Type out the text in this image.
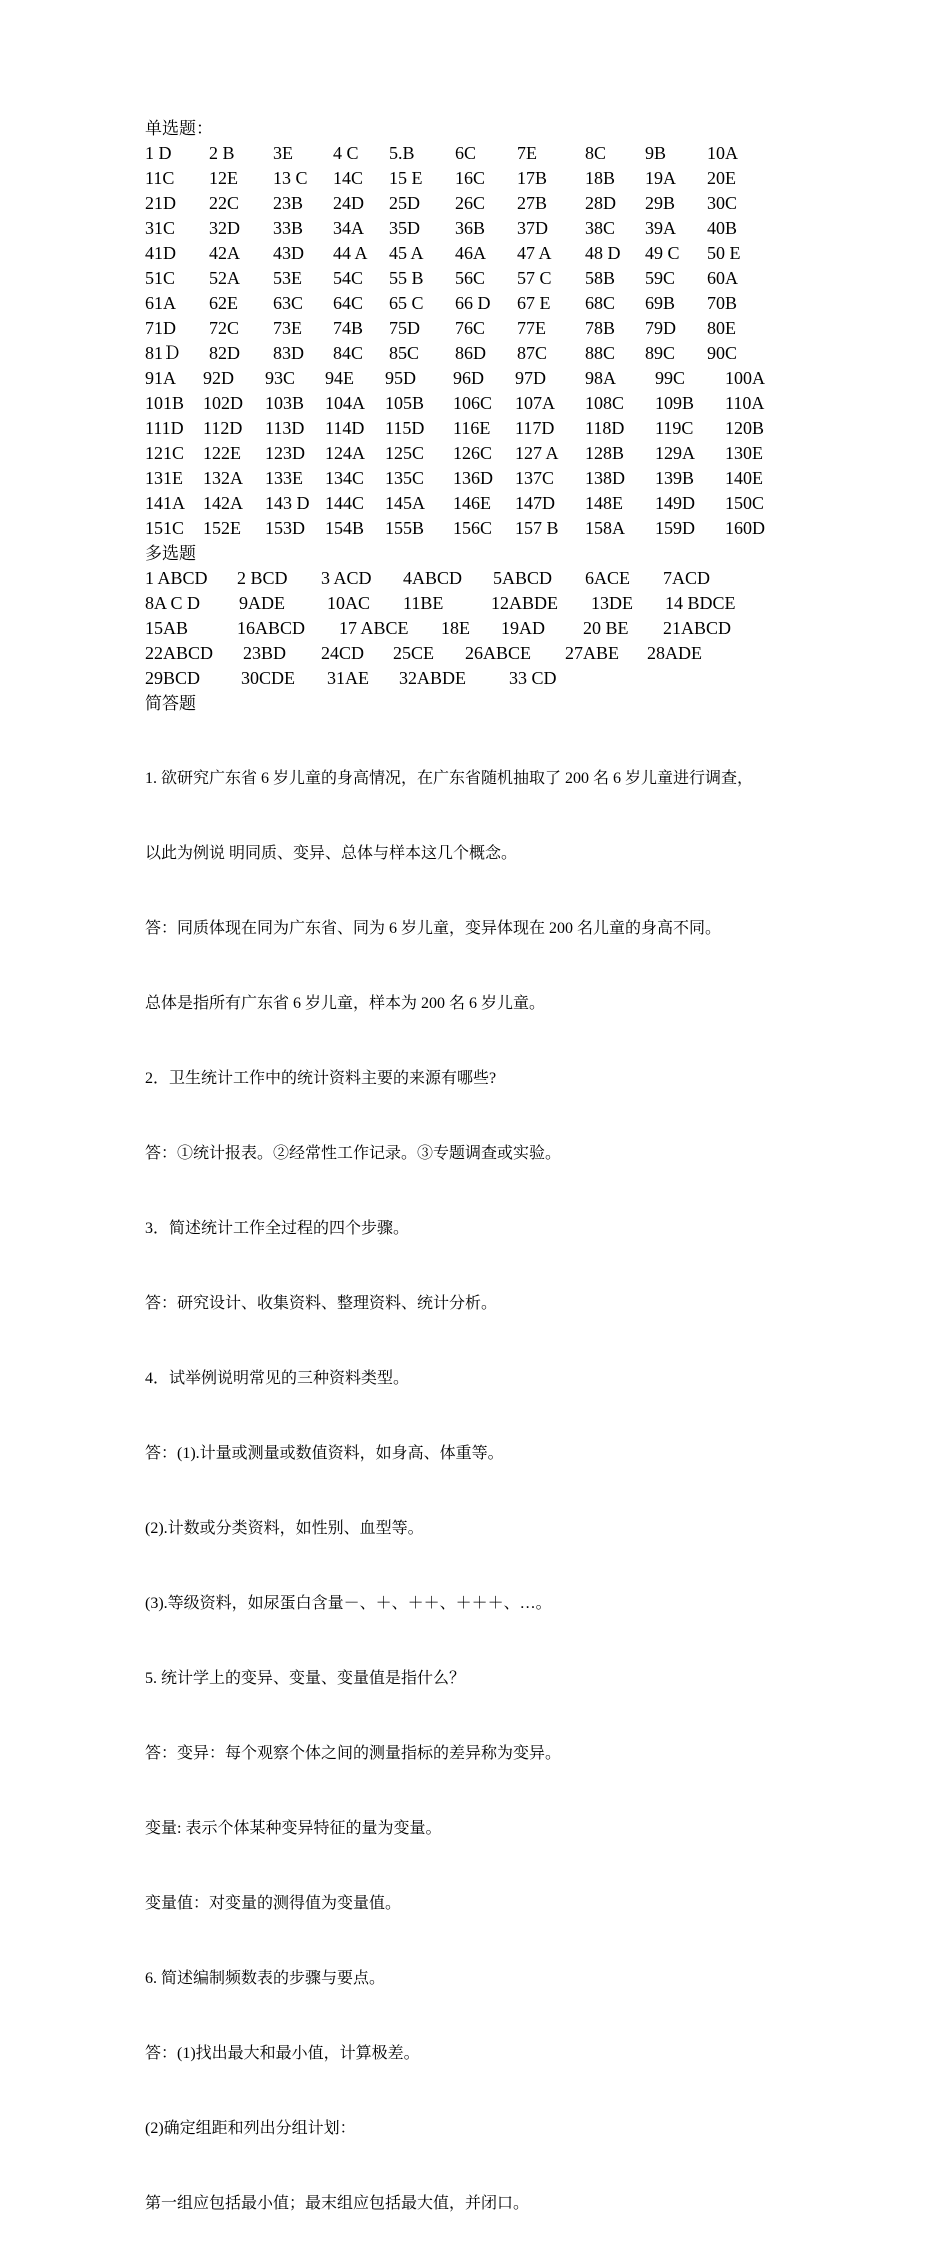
单选题：
1 D 2 B 3E 4 C 5.B 6C 7E	8C 9B 10A
11C 12E 13 C 14C 15 E 16C 17B 18B 19A 20E
21D 22C 23B 24D 25D 26C 27B 28D 29B 30C
31C 32D 33B 34A 35D 36B 37D 38C 39A 40B
41D 42A 43D 44 A 45 A 46A 47 A 48 D 49 C 50 E
51C 52A 53E 54C 55 B 56C 57 C 58B 59C 60A
61A 62E 63C 64C 65 C 66 D 67 E 68C 69B 70B
71D 72C 73E 74B 75D 76C 77E 78B 79D 80E
81Ｄ 82D 83D 84C 85C 86D 87C 88C 89C 90C
91A 92D 93C 94E 95D 96D 97D 98A 99C 100A
101B 102D 103B 104A 105B 106C 107A 108C 109B 110A
111D 112D 113D 114D 115D 116E 117D 118D 119C 120B
121C 122E 123D 124A 125C 126C 127 A 128B 129A 130E
131E 132A 133E 134C 135C 136D 137C 138D 139B 140E
141A 142A 143 D 144C 145A 146E 147D 148E 149D 150C
151C 152E 153D 154B 155B 156C 157 B 158A 159D 160D
多选题
1 ABCD 2 BCD 3 ACD 4ABCD 5ABCD 6ACE 7ACD
8A C D 9ADE 10AC 11BE	12ABDE 13DE 14 BDCE
15AB	16ABCD 17 ABCE 18E 19AD 20 BE 21ABCD
22ABCD 23BD 24CD 25CE 26ABCE 27ABE 28ADE
29BCD 30CDE 31AE 32ABDE 33 CD
简答题

1. 欲研究广东省 6 岁儿童的身高情况，在广东省随机抽取了 200 名 6 岁儿童进行调查，

以此为例说 明同质、变异、总体与样本这几个概念。

答：同质体现在同为广东省、同为 6 岁儿童，变异体现在 200 名儿童的身高不同。

总体是指所有广东省 6 岁儿童，样本为 200 名 6 岁儿童。

2．卫生统计工作中的统计资料主要的来源有哪些?

答：①统计报表。②经常性工作记录。③专题调查或实验。

3．简述统计工作全过程的四个步骤。

答：研究设计、收集资料、整理资料、统计分析。

4．试举例说明常见的三种资料类型。

答：(1).计量或测量或数值资料，如身高、体重等。

(2).计数或分类资料，如性别、血型等。

(3).等级资料，如尿蛋白含量－、＋、＋＋、＋＋＋、…。

5. 统计学上的变异、变量、变量值是指什么？

答：变异：每个观察个体之间的测量指标的差异称为变异。

变量: 表示个体某种变异特征的量为变量。

变量值：对变量的测得值为变量值。

6. 简述编制频数表的步骤与要点。

答：(1)找出最大和最小值，计算极差。

(2)确定组距和列出分组计划：

第一组应包括最小值；最末组应包括最大值，并闭口。
